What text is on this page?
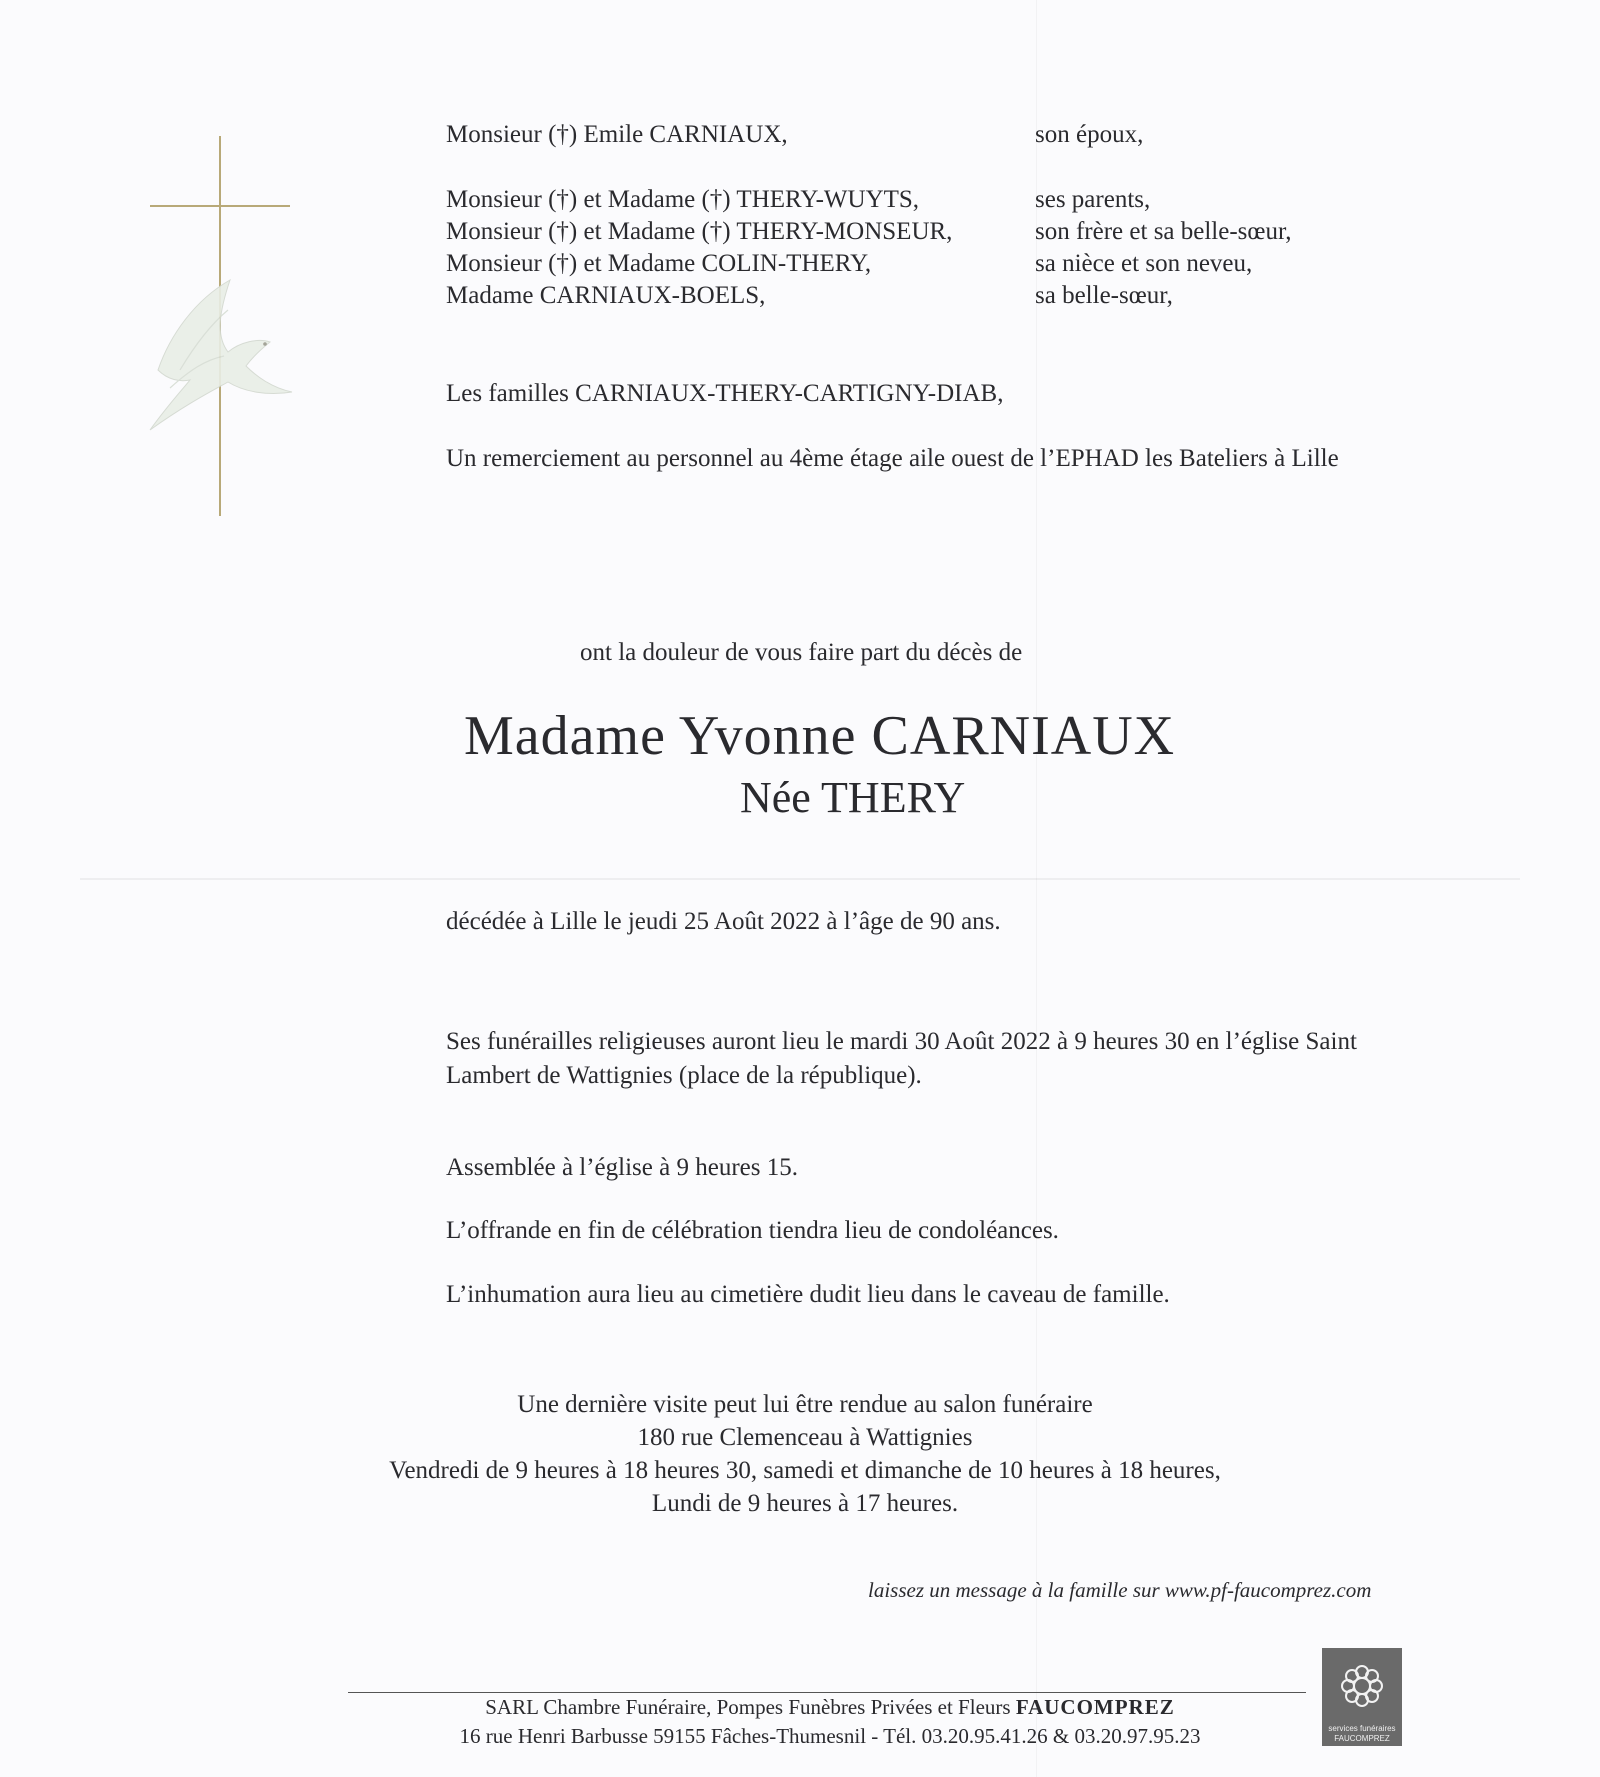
Monsieur (†) Emile CARNIAUX,	son époux,
Monsieur (†) et Madame (†) THERY-WUYTS,	ses parents,
Monsieur (†) et Madame (†) THERY-MONSEUR,	son frère et sa belle-sœur,
Monsieur (†) et Madame COLIN-THERY,	sa nièce et son neveu,
Madame CARNIAUX-BOELS,	sa belle-sœur,
Les familles CARNIAUX-THERY-CARTIGNY-DIAB,
Un remerciement au personnel au 4ème étage aile ouest de l’EPHAD les Bateliers à Lille
ont la douleur de vous faire part du décès de
Madame Yvonne CARNIAUX
Née THERY
décédée à Lille le jeudi 25 Août 2022 à l’âge de 90 ans.
Ses funérailles religieuses auront lieu le mardi 30 Août 2022 à 9 heures 30 en l’église Saint Lambert de Wattignies (place de la république).
Assemblée à l’église à 9 heures 15.
L’offrande en fin de célébration tiendra lieu de condoléances.
L’inhumation aura lieu au cimetière dudit lieu dans le caveau de famille.
Une dernière visite peut lui être rendue au salon funéraire
180 rue Clemenceau à Wattignies
Vendredi de 9 heures à 18 heures 30, samedi et dimanche de 10 heures à 18 heures,
Lundi de 9 heures à 17 heures.
laissez un message à la famille sur www.pf-faucomprez.com
SARL Chambre Funéraire, Pompes Funèbres Privées et Fleurs FAUCOMPREZ
16 rue Henri Barbusse 59155 Fâches-Thumesnil - Tél. 03.20.95.41.26 & 03.20.97.95.23	services funéraires
FAUCOMPREZ
